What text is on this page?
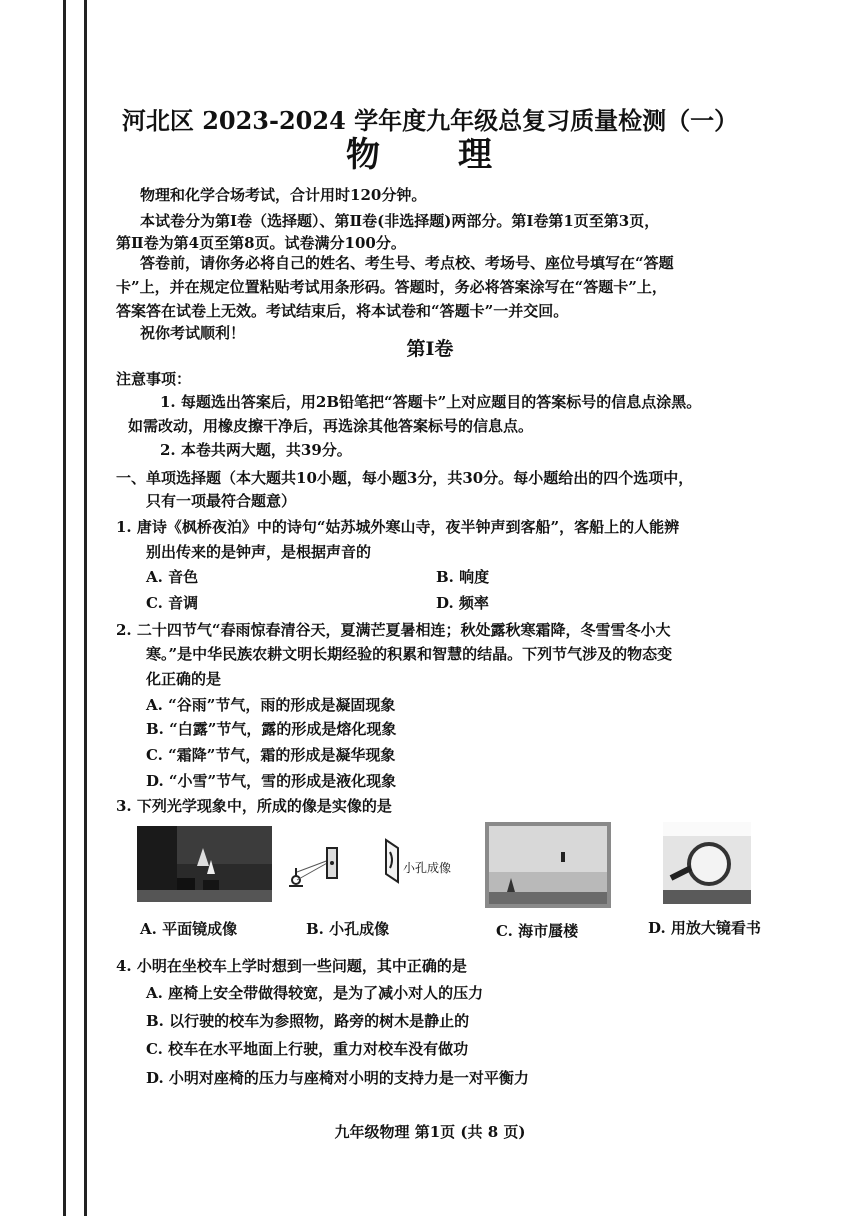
河北区 2023-2024 学年度九年级总复习质量检测（一）
物　理
物理和化学合场考试，合计用时120分钟。
本试卷分为第Ⅰ卷（选择题）、第Ⅱ卷(非选择题)两部分。第Ⅰ卷第1页至第3页，
第Ⅱ卷为第4页至第8页。试卷满分100分。
答卷前，请你务必将自己的姓名、考生号、考点校、考场号、座位号填写在“答题
卡”上，并在规定位置粘贴考试用条形码。答题时，务必将答案涂写在“答题卡”上，
答案答在试卷上无效。考试结束后，将本试卷和“答题卡”一并交回。
祝你考试顺利！
第Ⅰ卷
注意事项：
1. 每题选出答案后，用2B铅笔把“答题卡”上对应题目的答案标号的信息点涂黑。
如需改动，用橡皮擦干净后，再选涂其他答案标号的信息点。
2. 本卷共两大题，共39分。
一、单项选择题（本大题共10小题，每小题3分，共30分。每小题给出的四个选项中，
只有一项最符合题意）
1. 唐诗《枫桥夜泊》中的诗句“姑苏城外寒山寺，夜半钟声到客船”，客船上的人能辨
别出传来的是钟声，是根据声音的
A. 音色	B. 响度
C. 音调	D. 频率
2. 二十四节气“春雨惊春清谷天，夏满芒夏暑相连；秋处露秋寒霜降，冬雪雪冬小大
寒。”是中华民族农耕文明长期经验的积累和智慧的结晶。下列节气涉及的物态变
化正确的是
A. “谷雨”节气，雨的形成是凝固现象
B. “白露”节气，露的形成是熔化现象
C. “霜降”节气，霜的形成是凝华现象
D. “小雪”节气，雪的形成是液化现象
3. 下列光学现象中，所成的像是实像的是
小孔成像
A. 平面镜成像	B. 小孔成像	C. 海市蜃楼	D. 用放大镜看书
4. 小明在坐校车上学时想到一些问题，其中正确的是
A. 座椅上安全带做得较宽，是为了减小对人的压力
B. 以行驶的校车为参照物，路旁的树木是静止的
C. 校车在水平地面上行驶，重力对校车没有做功
D. 小明对座椅的压力与座椅对小明的支持力是一对平衡力
九年级物理 第1页 (共 8 页)
